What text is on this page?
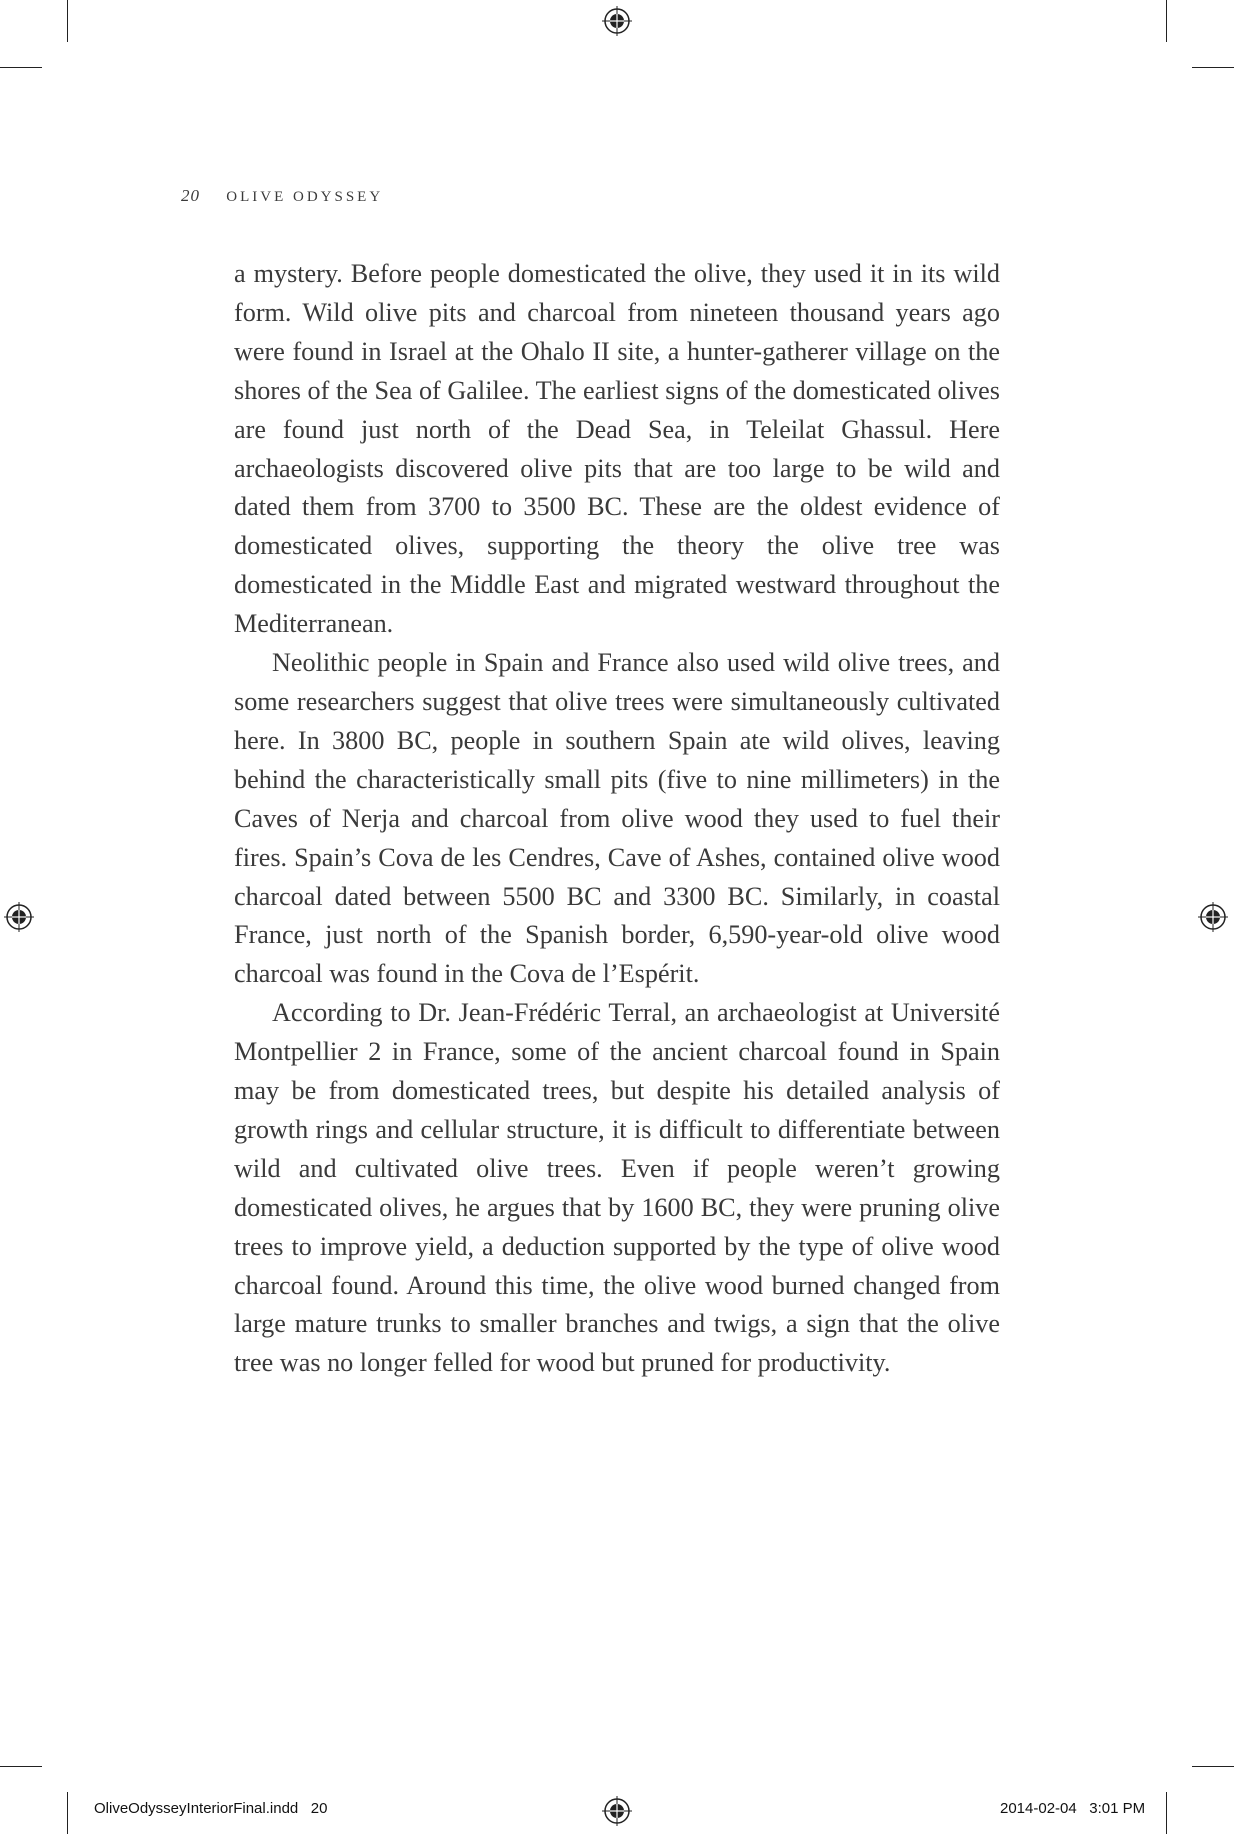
20 OLIVE ODYSSEY

a mystery. Before people domesticated the olive, they used it in its wild form. Wild olive pits and charcoal from nineteen thousand years ago were found in Israel at the Ohalo II site, a hunter-gatherer village on the shores of the Sea of Galilee. The earliest signs of the domesticated olives are found just north of the Dead Sea, in Teleilat Ghassul. Here archaeologists discovered olive pits that are too large to be wild and dated them from 3700 to 3500 BC. These are the oldest evidence of domesticated olives, supporting the theory the olive tree was domesticated in the Middle East and migrated westward throughout the Mediterranean.

Neolithic people in Spain and France also used wild olive trees, and some researchers suggest that olive trees were simultaneously cultivated here. In 3800 BC, people in southern Spain ate wild olives, leaving behind the characteristically small pits (five to nine millimeters) in the Caves of Nerja and charcoal from olive wood they used to fuel their fires. Spain’s Cova de les Cendres, Cave of Ashes, contained olive wood charcoal dated between 5500 BC and 3300 BC. Similarly, in coastal France, just north of the Spanish border, 6,590-year-old olive wood charcoal was found in the Cova de l’Espérit.

According to Dr. Jean-Frédéric Terral, an archaeologist at Université Montpellier 2 in France, some of the ancient charcoal found in Spain may be from domesticated trees, but despite his detailed analysis of growth rings and cellular structure, it is difficult to differentiate between wild and cultivated olive trees. Even if people weren’t growing domesticated olives, he argues that by 1600 BC, they were pruning olive trees to improve yield, a deduction supported by the type of olive wood charcoal found. Around this time, the olive wood burned changed from large mature trunks to smaller branches and twigs, a sign that the olive tree was no longer felled for wood but pruned for productivity.

OliveOdysseyInteriorFinal.indd   20	2014-02-04   3:01 PM
